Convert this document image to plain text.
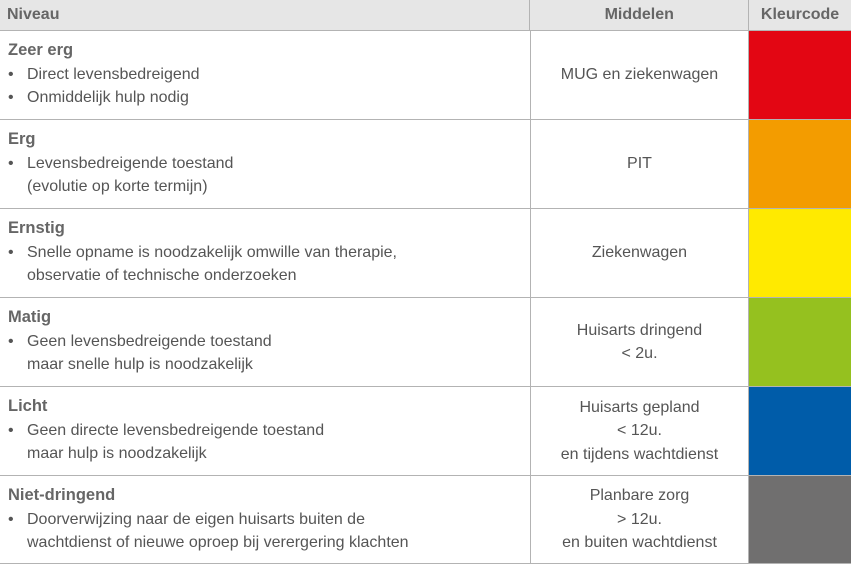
Niveau	Middelen	Kleurcode
Zeer erg
• Direct levensbedreigend
• Onmiddelijk hulp nodig
MUG en ziekenwagen
Erg
• Levensbedreigende toestand
(evolutie op korte termijn)
PIT
Ernstig
• Snelle opname is noodzakelijk omwille van therapie,
observatie of technische onderzoeken
Ziekenwagen
Matig
• Geen levensbedreigende toestand
maar snelle hulp is noodzakelijk
Huisarts dringend
< 2u.
Licht
• Geen directe levensbedreigende toestand
maar hulp is noodzakelijk
Huisarts gepland
< 12u.
en tijdens wachtdienst
Niet-dringend
• Doorverwijzing naar de eigen huisarts buiten de
wachtdienst of nieuwe oproep bij verergering klachten
Planbare zorg
> 12u.
en buiten wachtdienst
